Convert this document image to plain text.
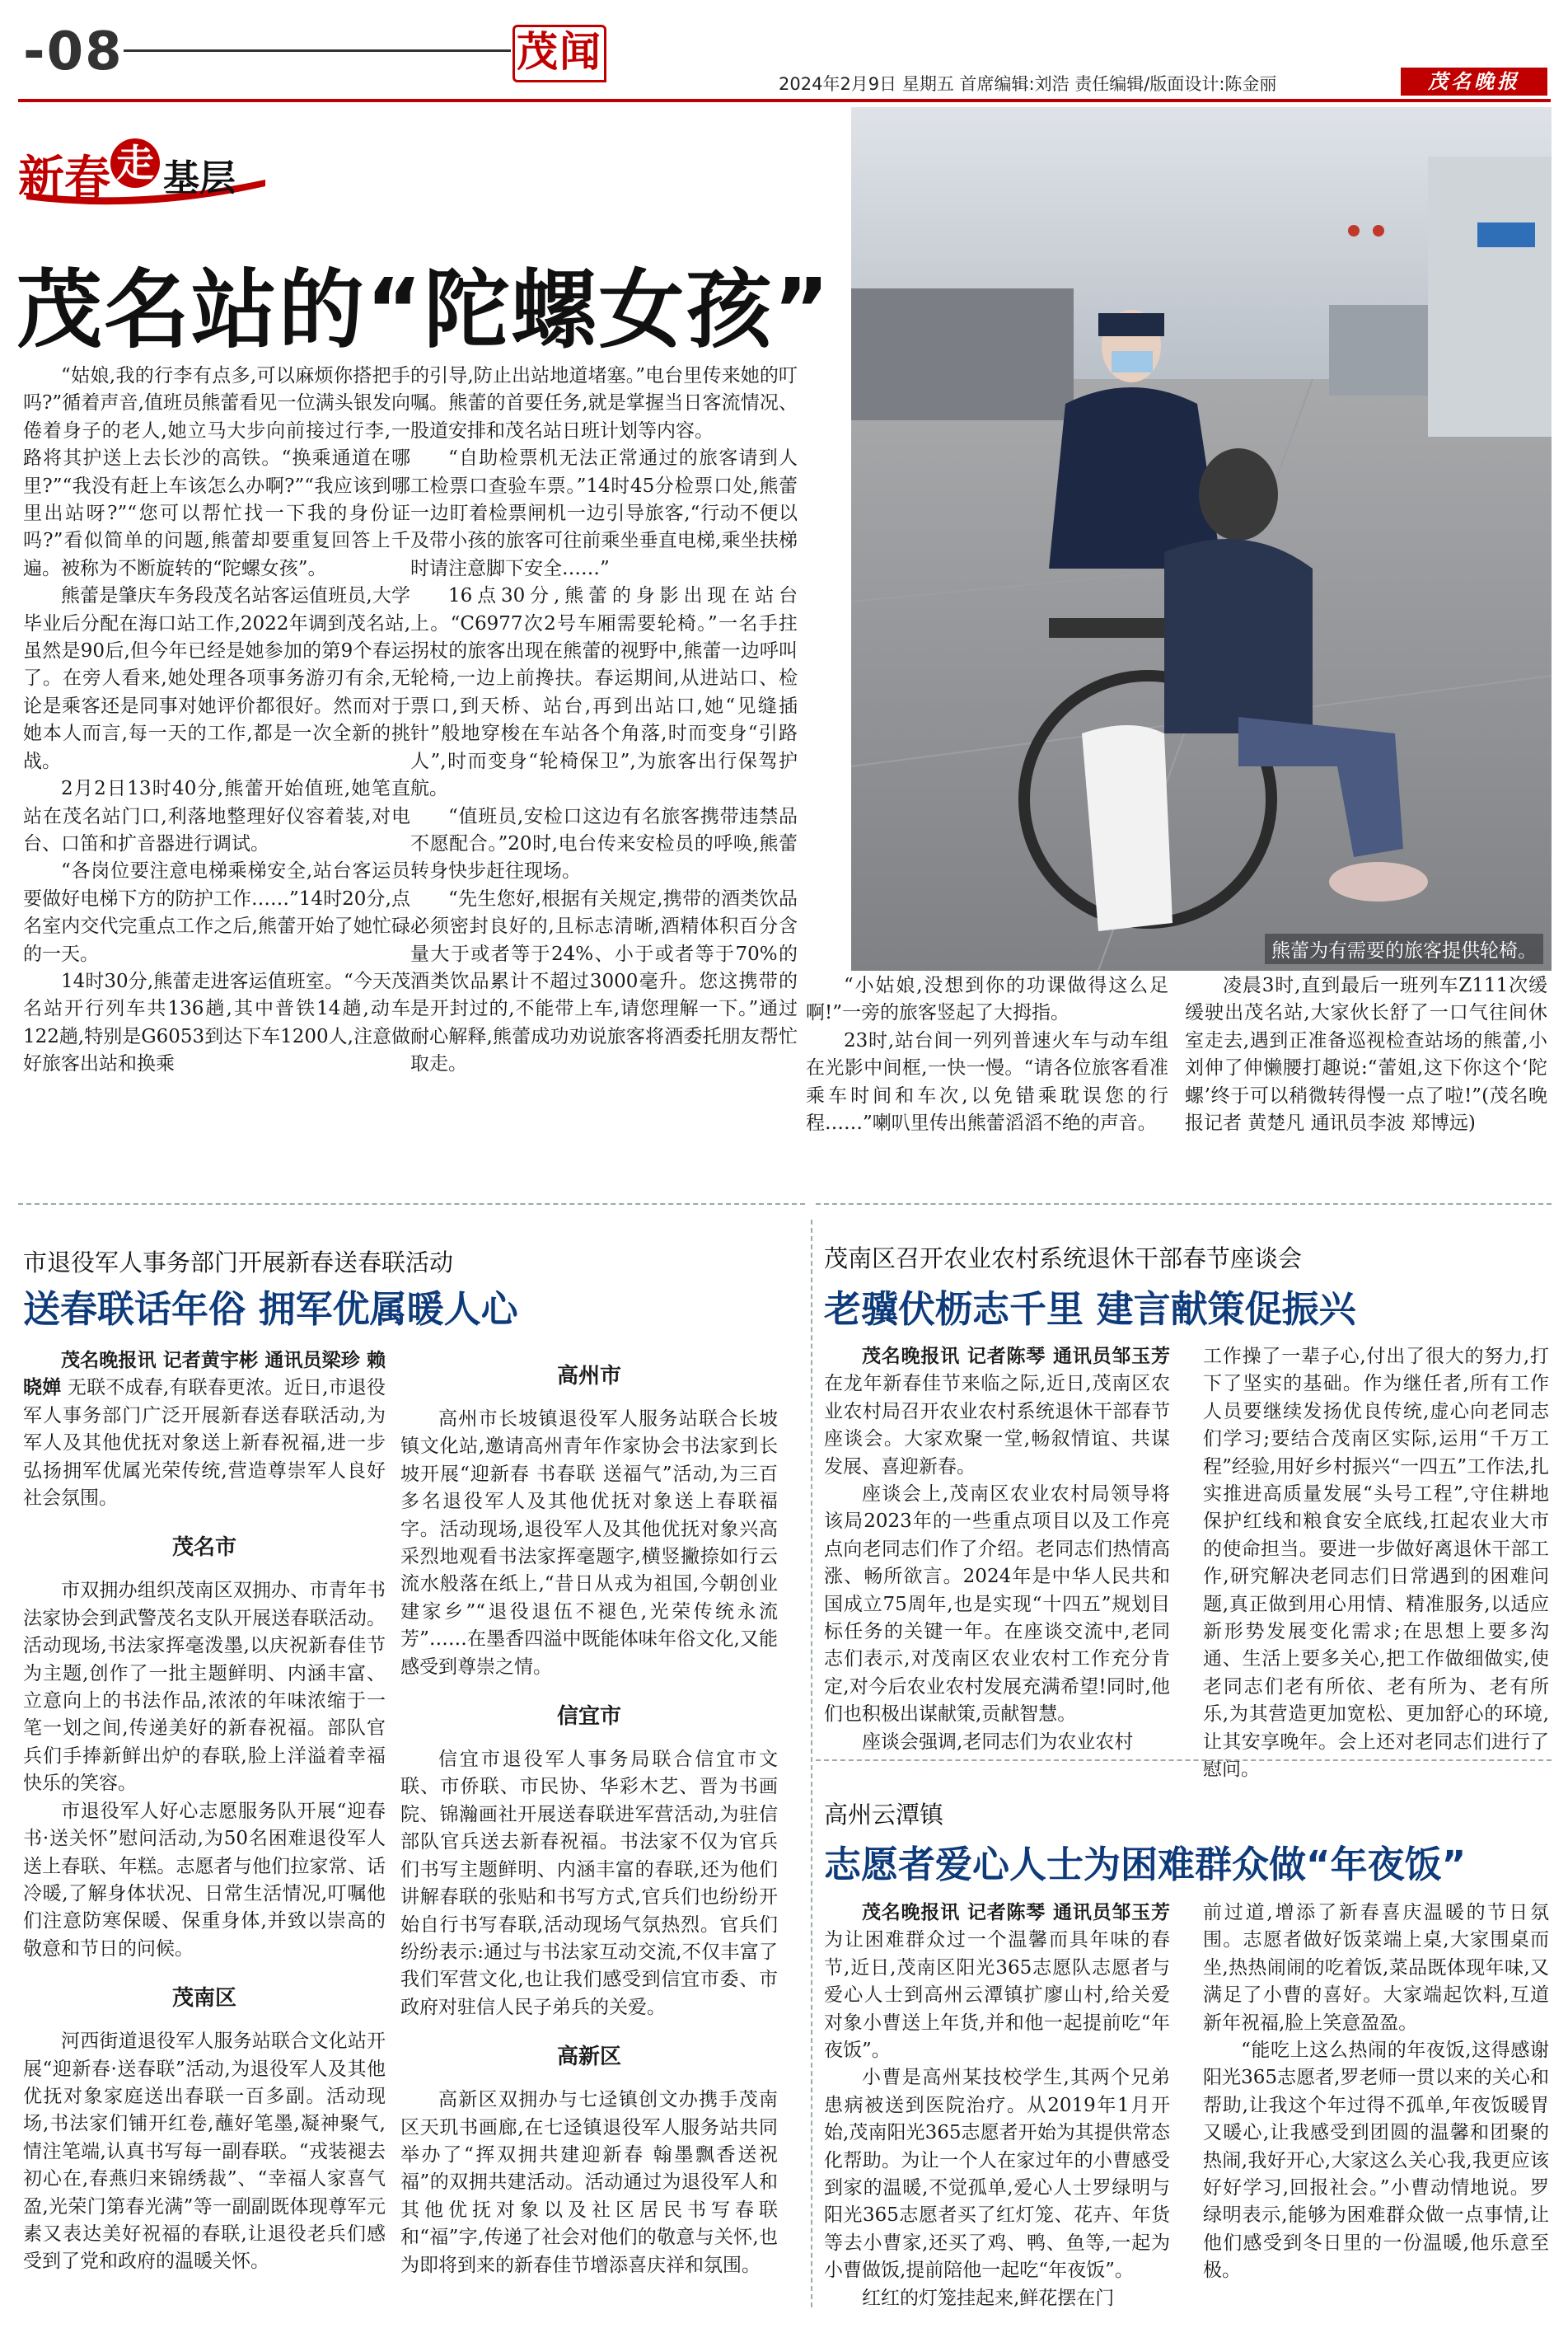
-08	茂闻
2024年2月9日 星期五 首席编辑:刘浩 责任编辑/版面设计:陈金丽	茂名晚报
新春 走 基层
茂名站的“陀螺女孩”
熊蕾为有需要的旅客提供轮椅。

“姑娘,我的行李有点多,可以麻烦你搭把手吗?”循着声音,值班员熊蕾看见一位满头银发向倦着身子的老人,她立马大步向前接过行李,一路将其护送上去长沙的高铁。“换乘通道在哪里?”“我没有赶上车该怎么办啊?”“我应该到哪里出站呀?”“您可以帮忙找一下我的身份证吗?”看似简单的问题,熊蕾却要重复回答上千遍。被称为不断旋转的“陀螺女孩”。

熊蕾是肇庆车务段茂名站客运值班员,大学毕业后分配在海口站工作,2022年调到茂名站,虽然是90后,但今年已经是她参加的第9个春运了。在旁人看来,她处理各项事务游刃有余,无论是乘客还是同事对她评价都很好。然而对于她本人而言,每一天的工作,都是一次全新的挑战。

2月2日13时40分,熊蕾开始值班,她笔直站在茂名站门口,利落地整理好仪容着装,对电台、口笛和扩音器进行调试。

“各岗位要注意电梯乘梯安全,站台客运员要做好电梯下方的防护工作……”14时20分,点名室内交代完重点工作之后,熊蕾开始了她忙碌的一天。

14时30分,熊蕾走进客运值班室。“今天茂名站开行列车共136趟,其中普铁14趟,动车122趟,特别是G6053到达下车1200人,注意做好旅客出站和换乘

的引导,防止出站地道堵塞。”电台里传来她的叮嘱。熊蕾的首要任务,就是掌握当日客流情况、股道安排和茂名站日班计划等内容。

“自助检票机无法正常通过的旅客请到人工检票口查验车票。”14时45分检票口处,熊蕾一边盯着检票闸机一边引导旅客,“行动不便以及带小孩的旅客可往前乘坐垂直电梯,乘坐扶梯时请注意脚下安全……”

16点30分,熊蕾的身影出现在站台上。“C6977次2号车厢需要轮椅。”一名手拄拐杖的旅客出现在熊蕾的视野中,熊蕾一边呼叫轮椅,一边上前搀扶。春运期间,从进站口、检票口,到天桥、站台,再到出站口,她“见缝插针”般地穿梭在车站各个角落,时而变身“引路人”,时而变身“轮椅保卫”,为旅客出行保驾护航。

“值班员,安检口这边有名旅客携带违禁品不愿配合。”20时,电台传来安检员的呼唤,熊蕾转身快步赶往现场。

“先生您好,根据有关规定,携带的酒类饮品必须密封良好的,且标志清晰,酒精体积百分含量大于或者等于24%、小于或者等于70%的酒类饮品累计不超过3000毫升。您这携带的是开封过的,不能带上车,请您理解一下。”通过耐心解释,熊蕾成功劝说旅客将酒委托朋友帮忙取走。

“小姑娘,没想到你的功课做得这么足啊!”一旁的旅客竖起了大拇指。

23时,站台间一列列普速火车与动车组在光影中间框,一快一慢。“请各位旅客看准乘车时间和车次,以免错乘耽误您的行程……”喇叭里传出熊蕾滔滔不绝的声音。

凌晨3时,直到最后一班列车Z111次缓缓驶出茂名站,大家伙长舒了一口气往间休室走去,遇到正准备巡视检查站场的熊蕾,小刘伸了伸懒腰打趣说:“蕾姐,这下你这个‘陀螺’终于可以稍微转得慢一点了啦!”(茂名晚报记者 黄楚凡 通讯员李波 郑博远)

市退役军人事务部门开展新春送春联活动
送春联话年俗 拥军优属暖人心

茂名晚报讯 记者黄宇彬 通讯员梁珍 赖晓婵 无联不成春,有联春更浓。近日,市退役军人事务部门广泛开展新春送春联活动,为军人及其他优抚对象送上新春祝福,进一步弘扬拥军优属光荣传统,营造尊崇军人良好社会氛围。

茂名市

市双拥办组织茂南区双拥办、市青年书法家协会到武警茂名支队开展送春联活动。活动现场,书法家挥毫泼墨,以庆祝新春佳节为主题,创作了一批主题鲜明、内涵丰富、立意向上的书法作品,浓浓的年味浓缩于一笔一划之间,传递美好的新春祝福。部队官兵们手捧新鲜出炉的春联,脸上洋溢着幸福快乐的笑容。

市退役军人好心志愿服务队开展“迎春书·送关怀”慰问活动,为50名困难退役军人送上春联、年糕。志愿者与他们拉家常、话冷暖,了解身体状况、日常生活情况,叮嘱他们注意防寒保暖、保重身体,并致以崇高的敬意和节日的问候。

茂南区

河西街道退役军人服务站联合文化站开展“迎新春·送春联”活动,为退役军人及其他优抚对象家庭送出春联一百多副。活动现场,书法家们铺开红卷,蘸好笔墨,凝神聚气,情注笔端,认真书写每一副春联。“戎装褪去初心在,春燕归来锦绣裁”、“幸福人家喜气盈,光荣门第春光满”等一副副既体现尊军元素又表达美好祝福的春联,让退役老兵们感受到了党和政府的温暖关怀。

高州市

高州市长坡镇退役军人服务站联合长坡镇文化站,邀请高州青年作家协会书法家到长坡开展“迎新春 书春联 送福气”活动,为三百多名退役军人及其他优抚对象送上春联福字。活动现场,退役军人及其他优抚对象兴高采烈地观看书法家挥毫题字,横竖撇捺如行云流水般落在纸上,“昔日从戎为祖国,今朝创业建家乡”“退役退伍不褪色,光荣传统永流芳”……在墨香四溢中既能体味年俗文化,又能感受到尊崇之情。

信宜市

信宜市退役军人事务局联合信宜市文联、市侨联、市民协、华彩木艺、晋为书画院、锦瀚画社开展送春联进军营活动,为驻信部队官兵送去新春祝福。书法家不仅为官兵们书写主题鲜明、内涵丰富的春联,还为他们讲解春联的张贴和书写方式,官兵们也纷纷开始自行书写春联,活动现场气氛热烈。官兵们纷纷表示:通过与书法家互动交流,不仅丰富了我们军营文化,也让我们感受到信宜市委、市政府对驻信人民子弟兵的关爱。

高新区

高新区双拥办与七迳镇创文办携手茂南区天玑书画廊,在七迳镇退役军人服务站共同举办了“挥双拥共建迎新春 翰墨飘香送祝福”的双拥共建活动。活动通过为退役军人和其他优抚对象以及社区居民书写春联和“福”字,传递了社会对他们的敬意与关怀,也为即将到来的新春佳节增添喜庆祥和氛围。

茂南区召开农业农村系统退休干部春节座谈会
老骥伏枥志千里 建言献策促振兴

茂名晚报讯 记者陈琴 通讯员邹玉芳 在龙年新春佳节来临之际,近日,茂南区农业农村局召开农业农村系统退休干部春节座谈会。大家欢聚一堂,畅叙情谊、共谋发展、喜迎新春。

座谈会上,茂南区农业农村局领导将该局2023年的一些重点项目以及工作亮点向老同志们作了介绍。老同志们热情高涨、畅所欲言。2024年是中华人民共和国成立75周年,也是实现“十四五”规划目标任务的关键一年。在座谈交流中,老同志们表示,对茂南区农业农村工作充分肯定,对今后农业农村发展充满希望!同时,他们也积极出谋献策,贡献智慧。

座谈会强调,老同志们为农业农村

工作操了一辈子心,付出了很大的努力,打下了坚实的基础。作为继任者,所有工作人员要继续发扬优良传统,虚心向老同志们学习;要结合茂南区实际,运用“千万工程”经验,用好乡村振兴“一四五”工作法,扎实推进高质量发展“头号工程”,守住耕地保护红线和粮食安全底线,扛起农业大市的使命担当。要进一步做好离退休干部工作,研究解决老同志们日常遇到的困难问题,真正做到用心用情、精准服务,以适应新形势发展变化需求;在思想上要多沟通、生活上要多关心,把工作做细做实,使老同志们老有所依、老有所为、老有所乐,为其营造更加宽松、更加舒心的环境,让其安享晚年。会上还对老同志们进行了慰问。

高州云潭镇
志愿者爱心人士为困难群众做“年夜饭”

茂名晚报讯 记者陈琴 通讯员邹玉芳 为让困难群众过一个温馨而具年味的春节,近日,茂南区阳光365志愿队志愿者与爱心人士到高州云潭镇扩廖山村,给关爱对象小曹送上年货,并和他一起提前吃“年夜饭”。

小曹是高州某技校学生,其两个兄弟患病被送到医院治疗。从2019年1月开始,茂南阳光365志愿者开始为其提供常态化帮助。为让一个人在家过年的小曹感受到家的温暖,不觉孤单,爱心人士罗绿明与阳光365志愿者买了红灯笼、花卉、年货等去小曹家,还买了鸡、鸭、鱼等,一起为小曹做饭,提前陪他一起吃“年夜饭”。

红红的灯笼挂起来,鲜花摆在门

前过道,增添了新春喜庆温暖的节日氛围。志愿者做好饭菜端上桌,大家围桌而坐,热热闹闹的吃着饭,菜品既体现年味,又满足了小曹的喜好。大家端起饮料,互道新年祝福,脸上笑意盈盈。

“能吃上这么热闹的年夜饭,这得感谢阳光365志愿者,罗老师一贯以来的关心和帮助,让我这个年过得不孤单,年夜饭暖胃又暖心,让我感受到团圆的温馨和团聚的热闹,我好开心,大家这么关心我,我更应该好好学习,回报社会。”小曹动情地说。罗绿明表示,能够为困难群众做一点事情,让他们感受到冬日里的一份温暖,他乐意至极。
